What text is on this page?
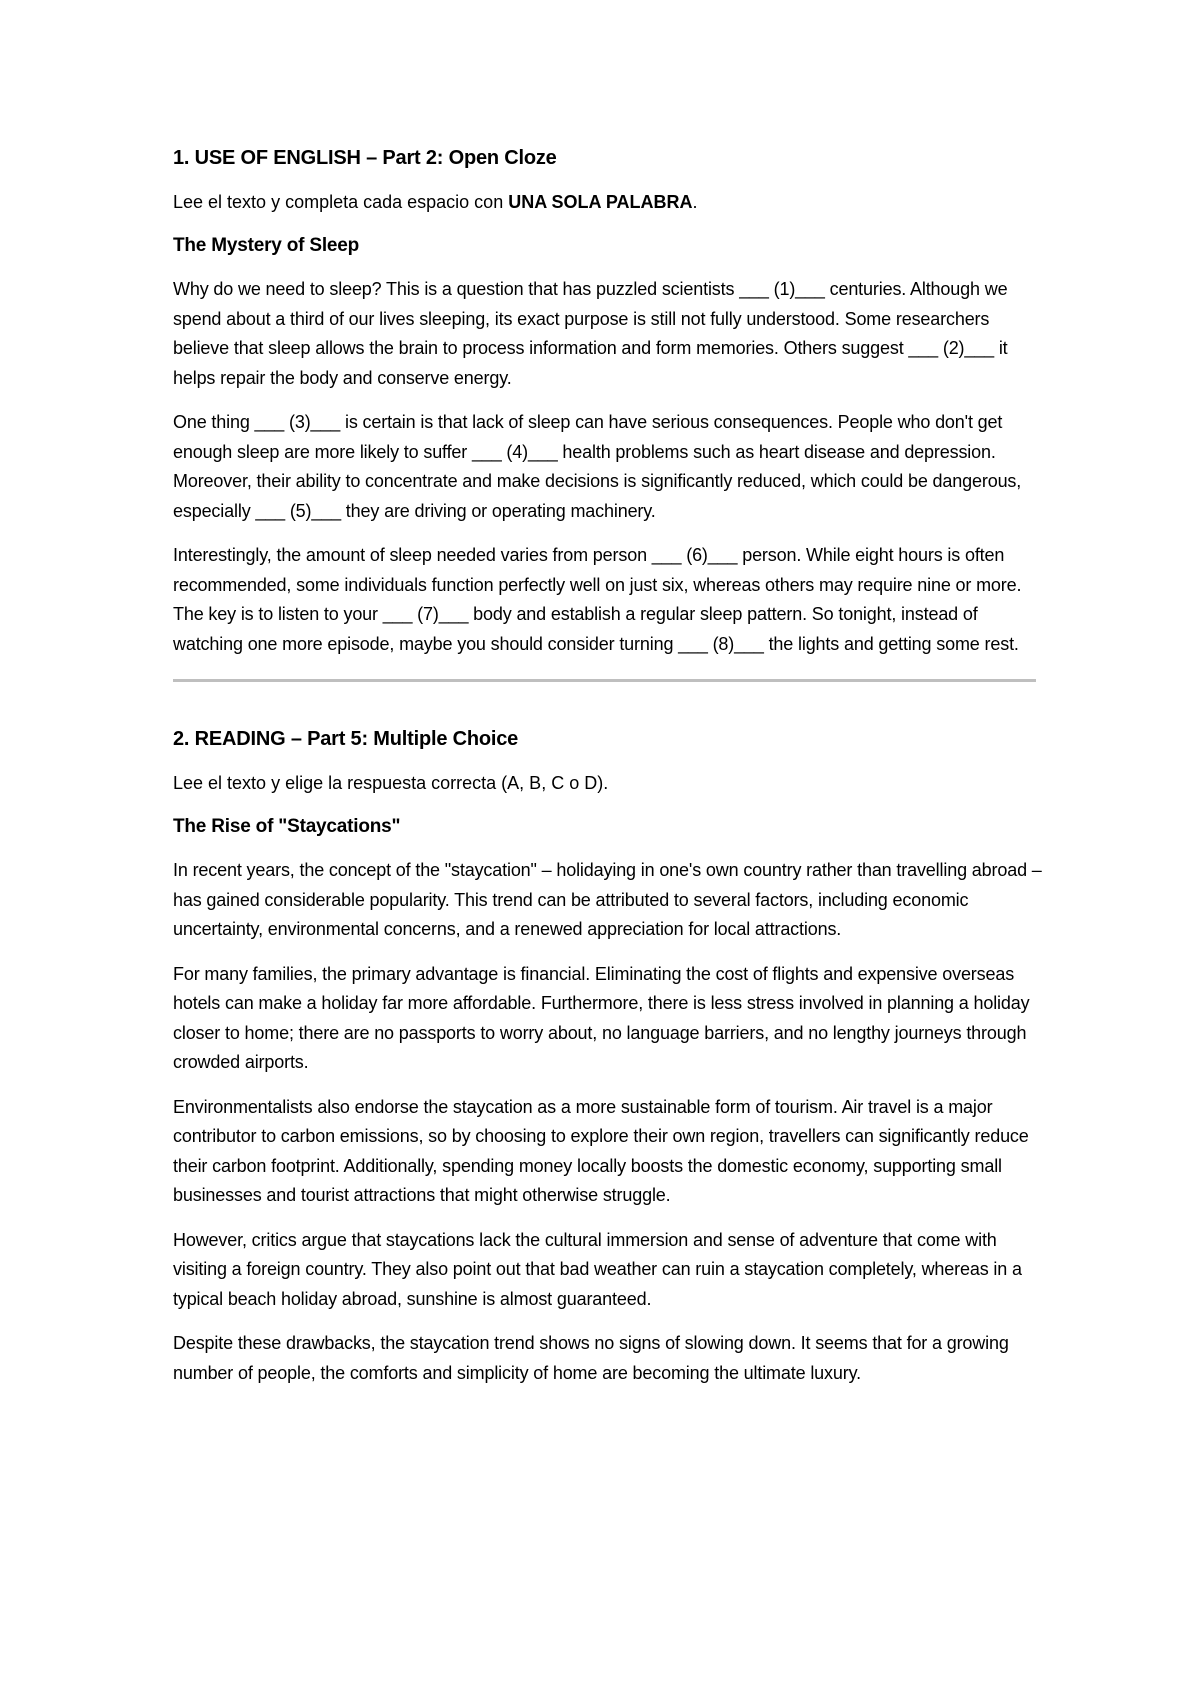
1. USE OF ENGLISH – Part 2: Open Cloze

Lee el texto y completa cada espacio con UNA SOLA PALABRA.

The Mystery of Sleep

Why do we need to sleep? This is a question that has puzzled scientists ___ (1)___ centuries. Although we spend about a third of our lives sleeping, its exact purpose is still not fully understood. Some researchers believe that sleep allows the brain to process information and form memories. Others suggest ___ (2)___ it helps repair the body and conserve energy.

One thing ___ (3)___ is certain is that lack of sleep can have serious consequences. People who don't get enough sleep are more likely to suffer ___ (4)___ health problems such as heart disease and depression. Moreover, their ability to concentrate and make decisions is significantly reduced, which could be dangerous, especially ___ (5)___ they are driving or operating machinery.

Interestingly, the amount of sleep needed varies from person ___ (6)___ person. While eight hours is often recommended, some individuals function perfectly well on just six, whereas others may require nine or more. The key is to listen to your ___ (7)___ body and establish a regular sleep pattern. So tonight, instead of watching one more episode, maybe you should consider turning ___ (8)___ the lights and getting some rest.

2. READING – Part 5: Multiple Choice

Lee el texto y elige la respuesta correcta (A, B, C o D).

The Rise of "Staycations"

In recent years, the concept of the "staycation" – holidaying in one's own country rather than travelling abroad – has gained considerable popularity. This trend can be attributed to several factors, including economic uncertainty, environmental concerns, and a renewed appreciation for local attractions.

For many families, the primary advantage is financial. Eliminating the cost of flights and expensive overseas hotels can make a holiday far more affordable. Furthermore, there is less stress involved in planning a holiday closer to home; there are no passports to worry about, no language barriers, and no lengthy journeys through crowded airports.

Environmentalists also endorse the staycation as a more sustainable form of tourism. Air travel is a major contributor to carbon emissions, so by choosing to explore their own region, travellers can significantly reduce their carbon footprint. Additionally, spending money locally boosts the domestic economy, supporting small businesses and tourist attractions that might otherwise struggle.

However, critics argue that staycations lack the cultural immersion and sense of adventure that come with visiting a foreign country. They also point out that bad weather can ruin a staycation completely, whereas in a typical beach holiday abroad, sunshine is almost guaranteed.

Despite these drawbacks, the staycation trend shows no signs of slowing down. It seems that for a growing number of people, the comforts and simplicity of home are becoming the ultimate luxury.
